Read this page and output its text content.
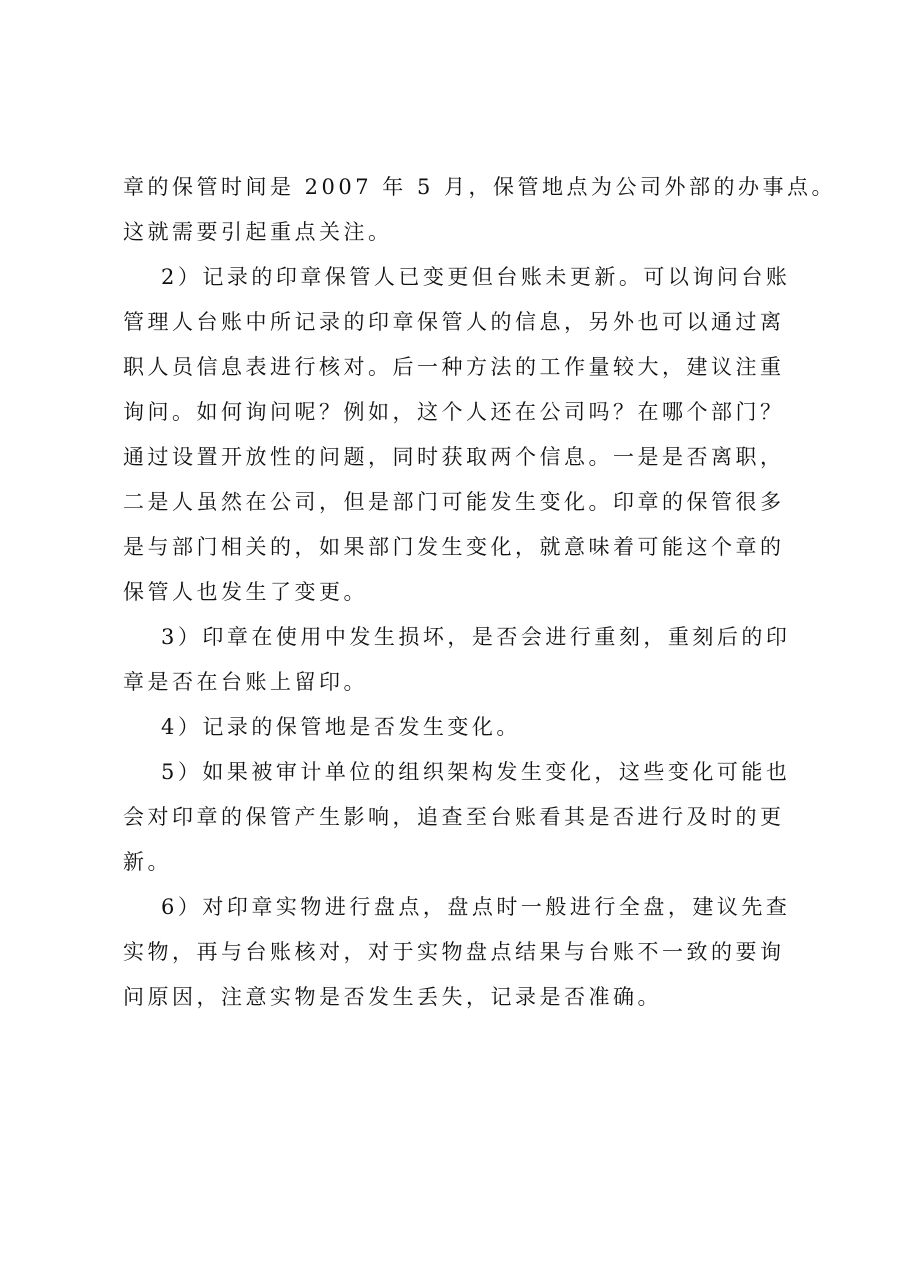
章的保管时间是 2007 年 5 月，保管地点为公司外部的办事点。
这就需要引起重点关注。
2）记录的印章保管人已变更但台账未更新。可以询问台账
管理人台账中所记录的印章保管人的信息，另外也可以通过离
职人员信息表进行核对。后一种方法的工作量较大，建议注重
询问。如何询问呢？例如，这个人还在公司吗？在哪个部门？
通过设置开放性的问题，同时获取两个信息。一是是否离职，
二是人虽然在公司，但是部门可能发生变化。印章的保管很多
是与部门相关的，如果部门发生变化，就意味着可能这个章的
保管人也发生了变更。
3）印章在使用中发生损坏，是否会进行重刻，重刻后的印
章是否在台账上留印。
4）记录的保管地是否发生变化。
5）如果被审计单位的组织架构发生变化，这些变化可能也
会对印章的保管产生影响，追查至台账看其是否进行及时的更
新。
6）对印章实物进行盘点，盘点时一般进行全盘，建议先查
实物，再与台账核对，对于实物盘点结果与台账不一致的要询
问原因，注意实物是否发生丢失，记录是否准确。
